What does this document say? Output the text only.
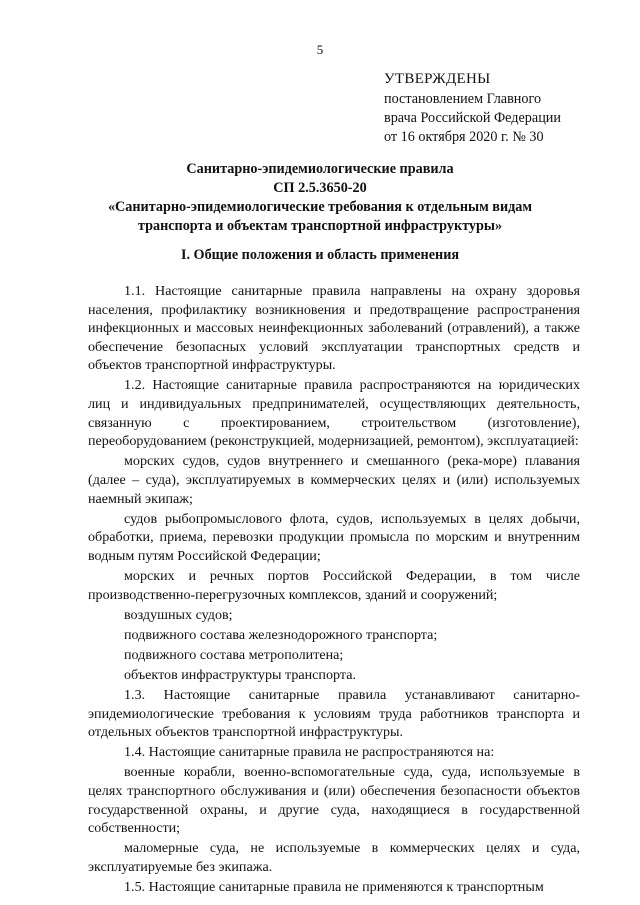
5
УТВЕРЖДЕНЫ
постановлением Главного
врача Российской Федерации
от 16 октября 2020 г. № 30
Санитарно-эпидемиологические правила
СП 2.5.3650-20
«Санитарно-эпидемиологические требования к отдельным видам
транспорта и объектам транспортной инфраструктуры»
I. Общие положения и область применения

1.1. Настоящие санитарные правила направлены на охрану здоровья населения, профилактику возникновения и предотвращение распространения инфекционных и массовых неинфекционных заболеваний (отравлений), а также обеспечение безопасных условий эксплуатации транспортных средств и объектов транспортной инфраструктуры.

1.2. Настоящие санитарные правила распространяются на юридических лиц и индивидуальных предпринимателей, осуществляющих деятельность, связанную с проектированием, строительством (изготовление), переоборудованием (реконструкцией, модернизацией, ремонтом), эксплуатацией:

морских судов, судов внутреннего и смешанного (река-море) плавания (далее – суда), эксплуатируемых в коммерческих целях и (или) используемых наемный экипаж;

судов рыбопромыслового флота, судов, используемых в целях добычи, обработки, приема, перевозки продукции промысла по морским и внутренним водным путям Российской Федерации;

морских и речных портов Российской Федерации, в том числе производственно-перегрузочных комплексов, зданий и сооружений;

воздушных судов;

подвижного состава железнодорожного транспорта;

подвижного состава метрополитена;

объектов инфраструктуры транспорта.

1.3. Настоящие санитарные правила устанавливают санитарно-эпидемиологические требования к условиям труда работников транспорта и отдельных объектов транспортной инфраструктуры.

1.4. Настоящие санитарные правила не распространяются на:

военные корабли, военно-вспомогательные суда, суда, используемые в целях транспортного обслуживания и (или) обеспечения безопасности объектов государственной охраны, и другие суда, находящиеся в государственной собственности;

маломерные суда, не используемые в коммерческих целях и суда, эксплуатируемые без экипажа.

1.5. Настоящие санитарные правила не применяются к транспортным
